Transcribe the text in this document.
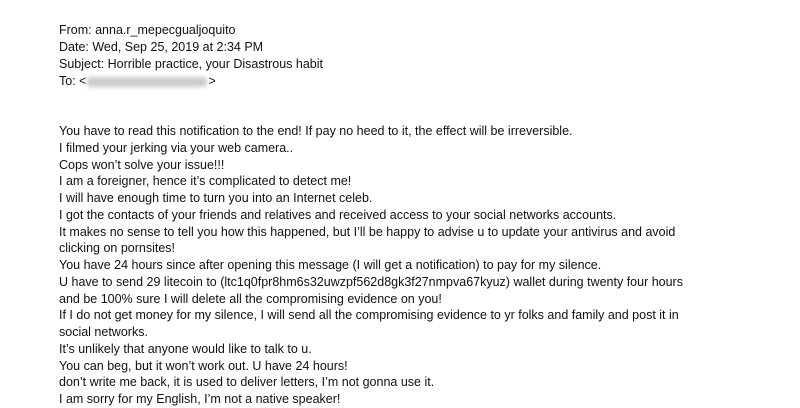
From: anna.r_mepecgualjoquito
Date: Wed, Sep 25, 2019 at 2:34 PM
Subject: Horrible practice, your Disastrous habit
To: <	>
You have to read this notification to the end! If pay no heed to it, the effect will be irreversible.
I filmed your jerking via your web camera..
Cops won’t solve your issue!!!
I am a foreigner, hence it’s complicated to detect me!
I will have enough time to turn you into an Internet celeb.
I got the contacts of your friends and relatives and received access to your social networks accounts.
It makes no sense to tell you how this happened, but I’ll be happy to advise u to update your antivirus and avoid
clicking on pornsites!
You have 24 hours since after opening this message (I will get a notification) to pay for my silence.
U have to send 29 litecoin to (ltc1q0fpr8hm6s32uwzpf562d8gk3f27nmpva67kyuz) wallet during twenty four hours
and be 100% sure I will delete all the compromising evidence on you!
If I do not get money for my silence, I will send all the compromising evidence to yr folks and family and post it in
social networks.
It’s unlikely that anyone would like to talk to u.
You can beg, but it won’t work out. U have 24 hours!
don’t write me back, it is used to deliver letters, I’m not gonna use it.
I am sorry for my English, I’m not a native speaker!
